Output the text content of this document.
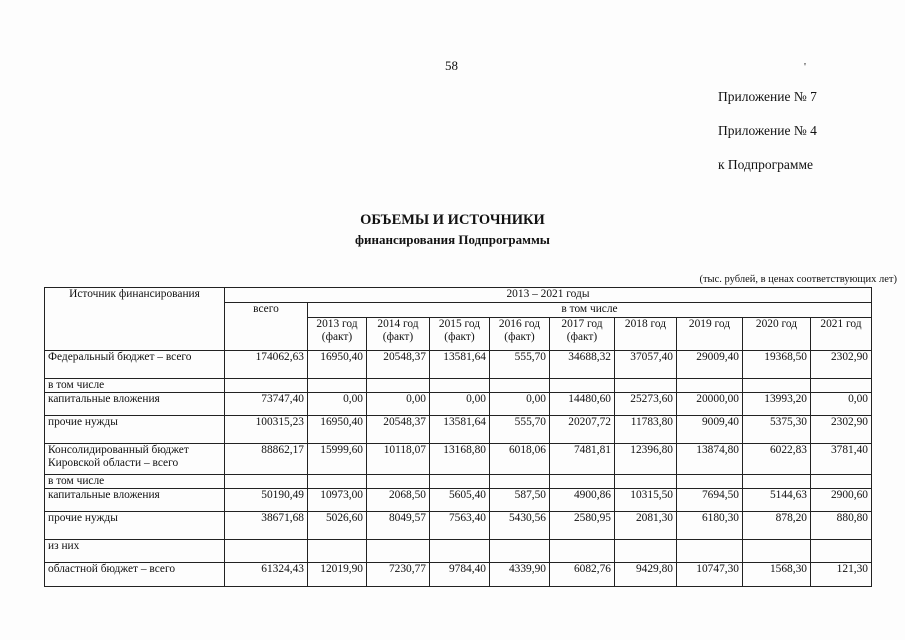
58	'
Приложение № 7
Приложение № 4
к Подпрограмме
ОБЪЕМЫ И ИСТОЧНИКИ
финансирования Подпрограммы
(тыс. рублей, в ценах соответствующих лет)
Источник финансирования	2013 – 2021 годы									
	всего	в том числе								
		2013 год (факт)	2014 год (факт)	2015 год (факт)	2016 год (факт)	2017 год (факт)	2018 год	2019 год	2020 год	2021 год
Федеральный бюджет – всего	174062,63	16950,40	20548,37	13581,64	555,70	34688,32	37057,40	29009,40	19368,50	2302,90
в том числе										
капитальные вложения	73747,40	0,00	0,00	0,00	0,00	14480,60	25273,60	20000,00	13993,20	0,00
прочие нужды	100315,23	16950,40	20548,37	13581,64	555,70	20207,72	11783,80	9009,40	5375,30	2302,90
Консолидированный бюджет Кировской области – всего	88862,17	15999,60	10118,07	13168,80	6018,06	7481,81	12396,80	13874,80	6022,83	3781,40
в том числе										
капитальные вложения	50190,49	10973,00	2068,50	5605,40	587,50	4900,86	10315,50	7694,50	5144,63	2900,60
прочие нужды	38671,68	5026,60	8049,57	7563,40	5430,56	2580,95	2081,30	6180,30	878,20	880,80
из них										
областной бюджет – всего	61324,43	12019,90	7230,77	9784,40	4339,90	6082,76	9429,80	10747,30	1568,30	121,30
